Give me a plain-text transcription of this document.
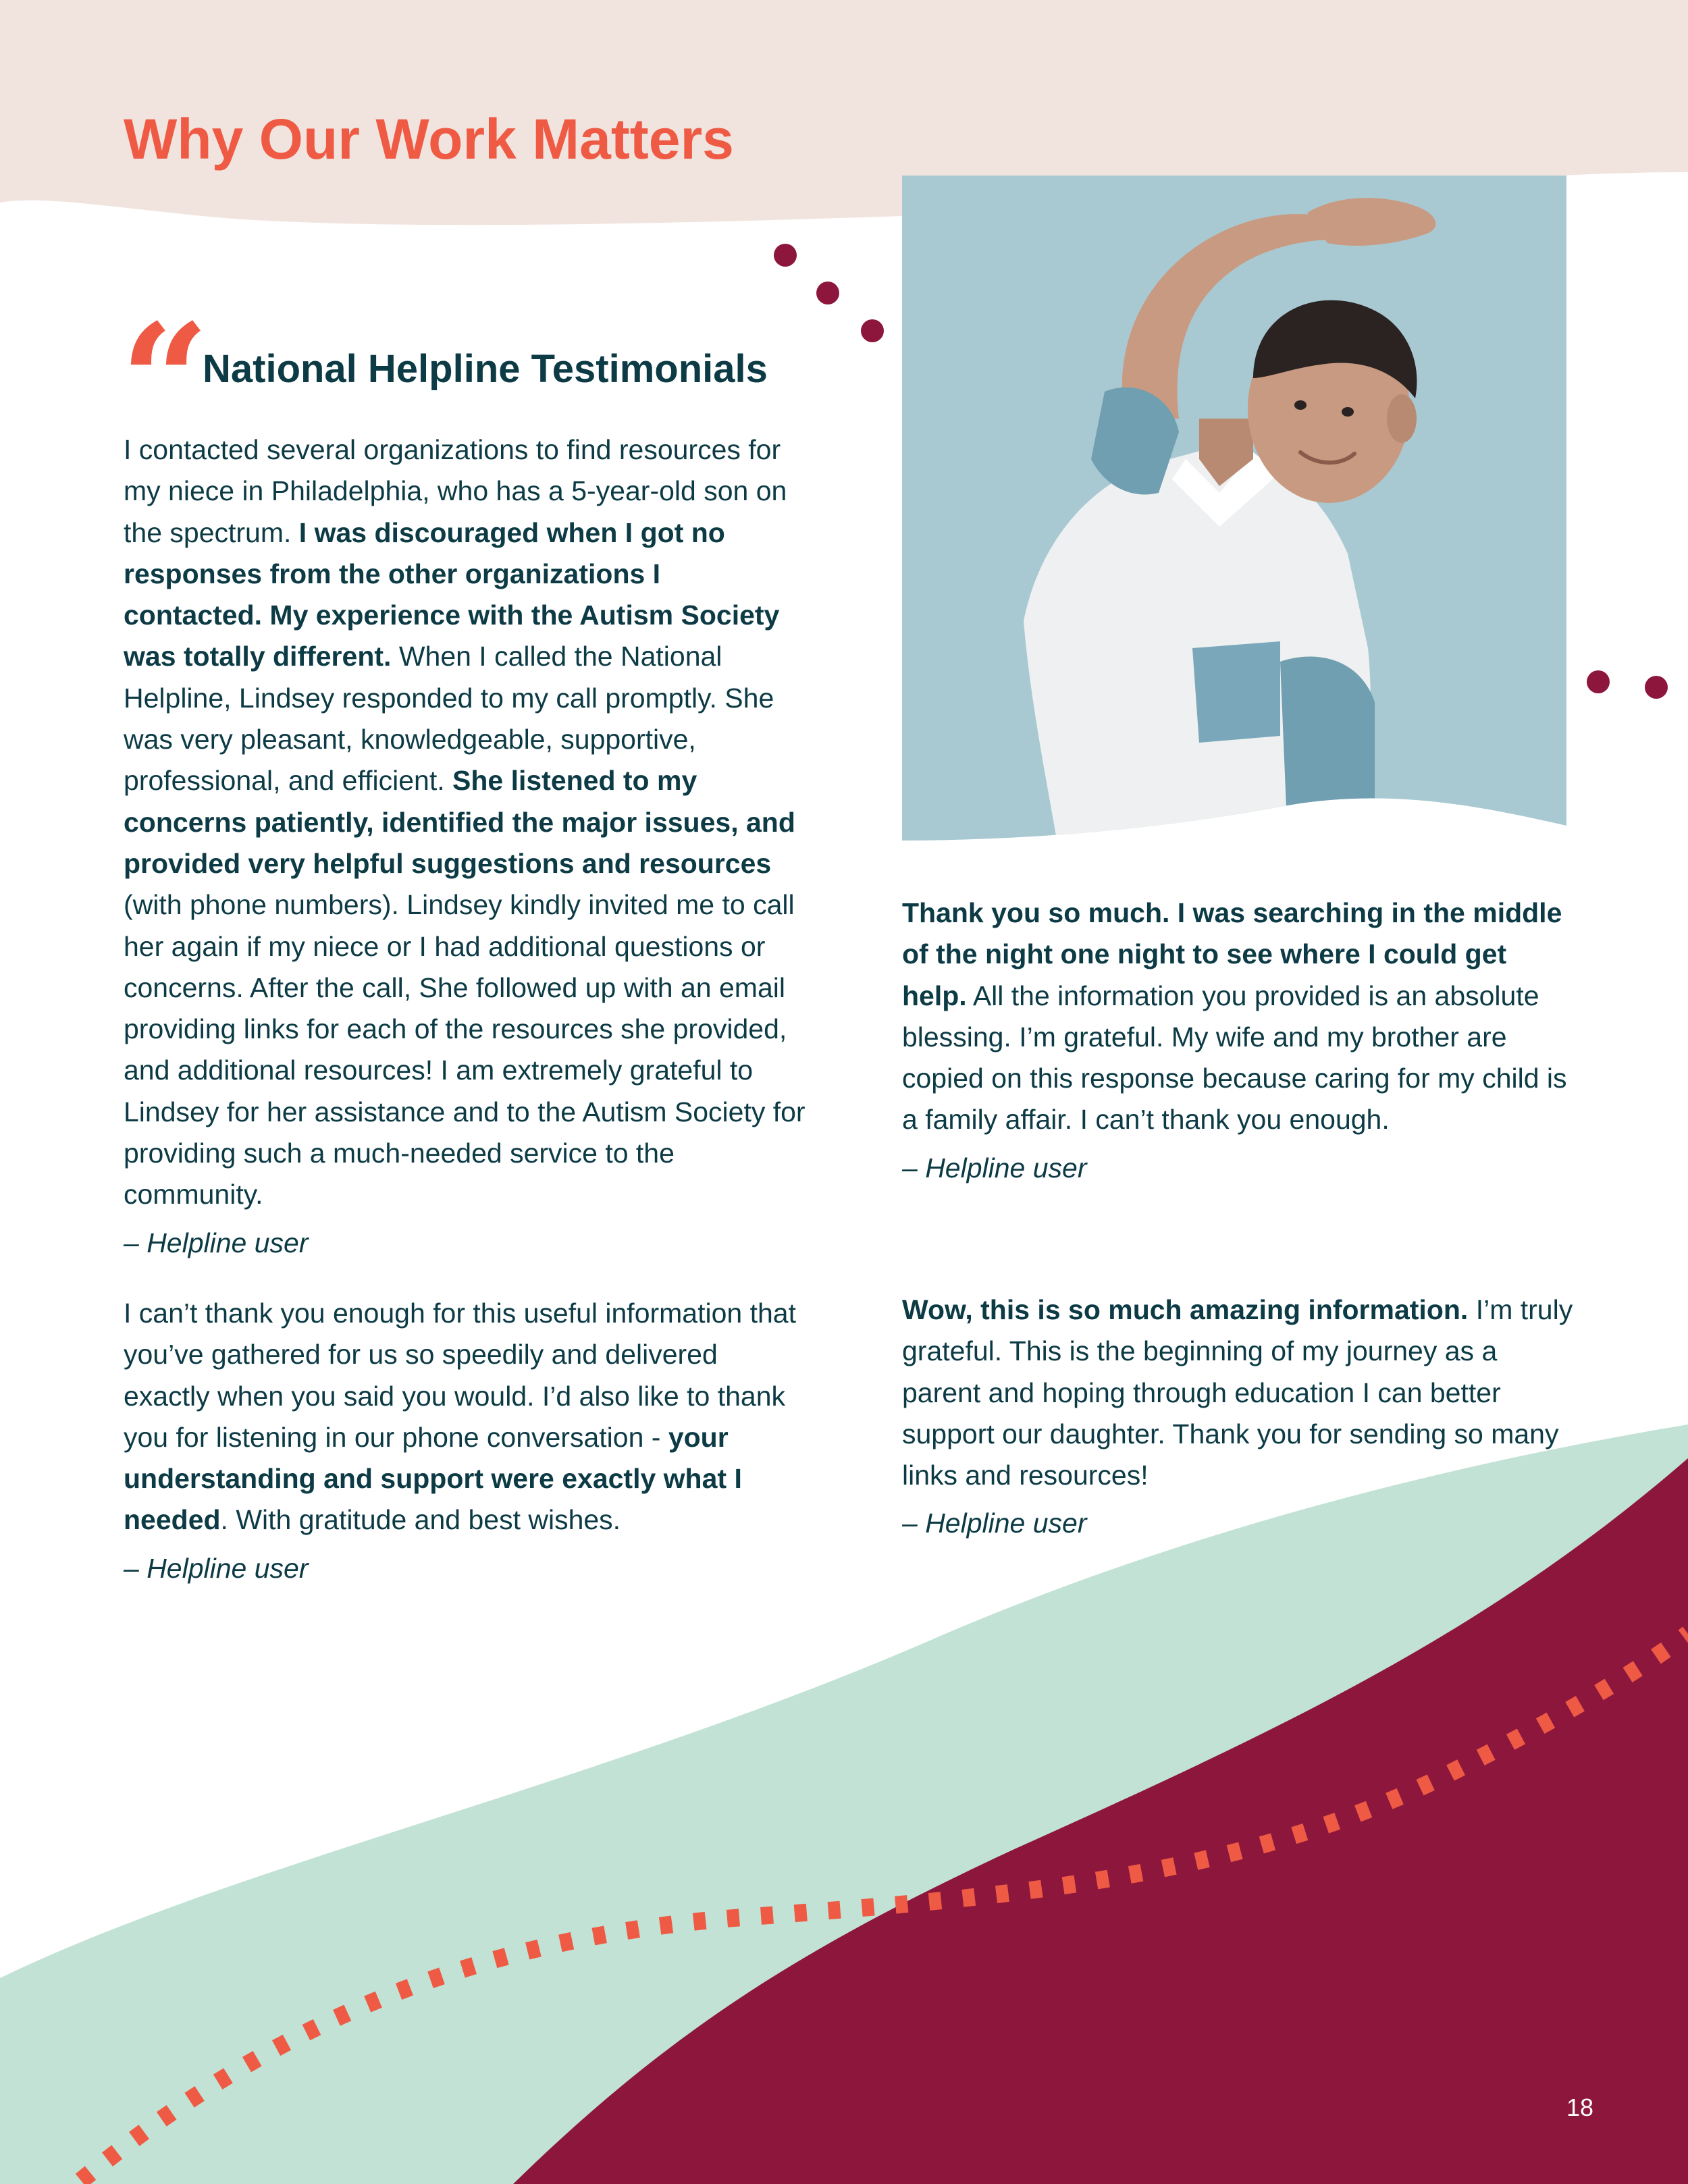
Why Our Work Matters
“
National Helpline Testimonials

I contacted several organizations to find resources for my niece in Philadelphia, who has a 5-year-old son on the spectrum. I was discouraged when I got no responses from the other organizations I contacted. My experience with the Autism Society was totally different. When I called the National Helpline, Lindsey responded to my call promptly. She was very pleasant, knowledgeable, supportive, professional, and efficient. She listened to my concerns patiently, identified the major issues, and provided very helpful suggestions and resources (with phone numbers). Lindsey kindly invited me to call her again if my niece or I had additional questions or concerns. After the call, She followed up with an email providing links for each of the resources she provided, and additional resources! I am extremely grateful to Lindsey for her assistance and to the Autism Society for providing such a much-needed service to the community.

– Helpline user

I can’t thank you enough for this useful information that you’ve gathered for us so speedily and delivered exactly when you said you would. I’d also like to thank you for listening in our phone conversation - your understanding and support were exactly what I needed. With gratitude and best wishes.

– Helpline user

Thank you so much. I was searching in the middle of the night one night to see where I could get help. All the information you provided is an absolute blessing. I’m grateful. My wife and my brother are copied on this response because caring for my child is a family affair. I can’t thank you enough.

– Helpline user

Wow, this is so much amazing information. I’m truly grateful. This is the beginning of my journey as a parent and hoping through education I can better support our daughter. Thank you for sending so many links and resources!

– Helpline user

18
